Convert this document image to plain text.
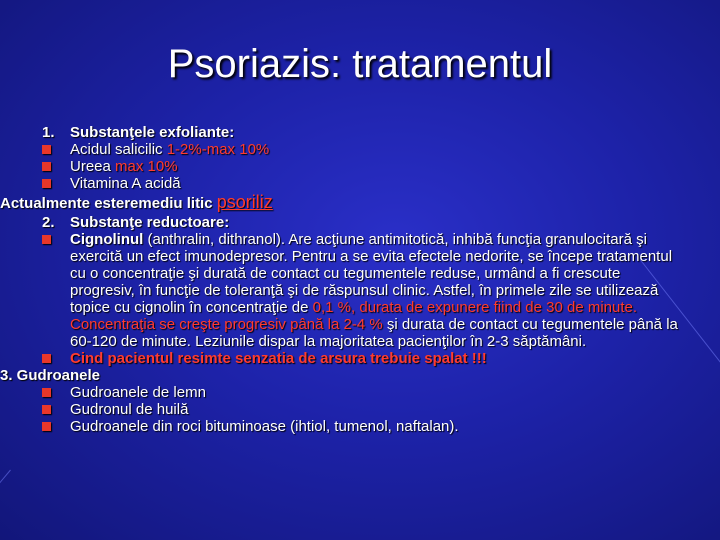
Psoriazis: tratamentul
1.	Substanţele exfoliante:
Acidul salicilic 1-2%-max 10%
Ureea max 10%
Vitamina A acidă
Actualmente esteremediu litic psoriliz
2.	Substanţe reductoare:
Cignolinul (anthralin, dithranol). Are acţiune antimitotică, inhibă funcţia granulocitară şi exercită un efect imunodepresor. Pentru a se evita efectele nedorite, se începe tratamentul cu o concentraţie şi durată de contact cu tegumentele reduse, urmând a fi crescute progresiv, în funcţie de toleranţă şi de răspunsul clinic. Astfel, în primele zile se utilizează topice cu cignolin în concentraţie de 0,1 %, durata de expunere fiind de 30 de minute. Concentraţia se creşte progresiv până la 2-4 % şi durata de contact cu tegumentele până la 60-120 de minute. Leziunile dispar la majoritatea pacienţilor în 2-3 săptămâni.
Cind pacientul resimte senzatia de arsura trebuie spalat !!!
3. Gudroanele
Gudroanele de lemn
Gudronul de huilă
Gudroanele din roci bituminoase (ihtiol, tumenol, naftalan).
